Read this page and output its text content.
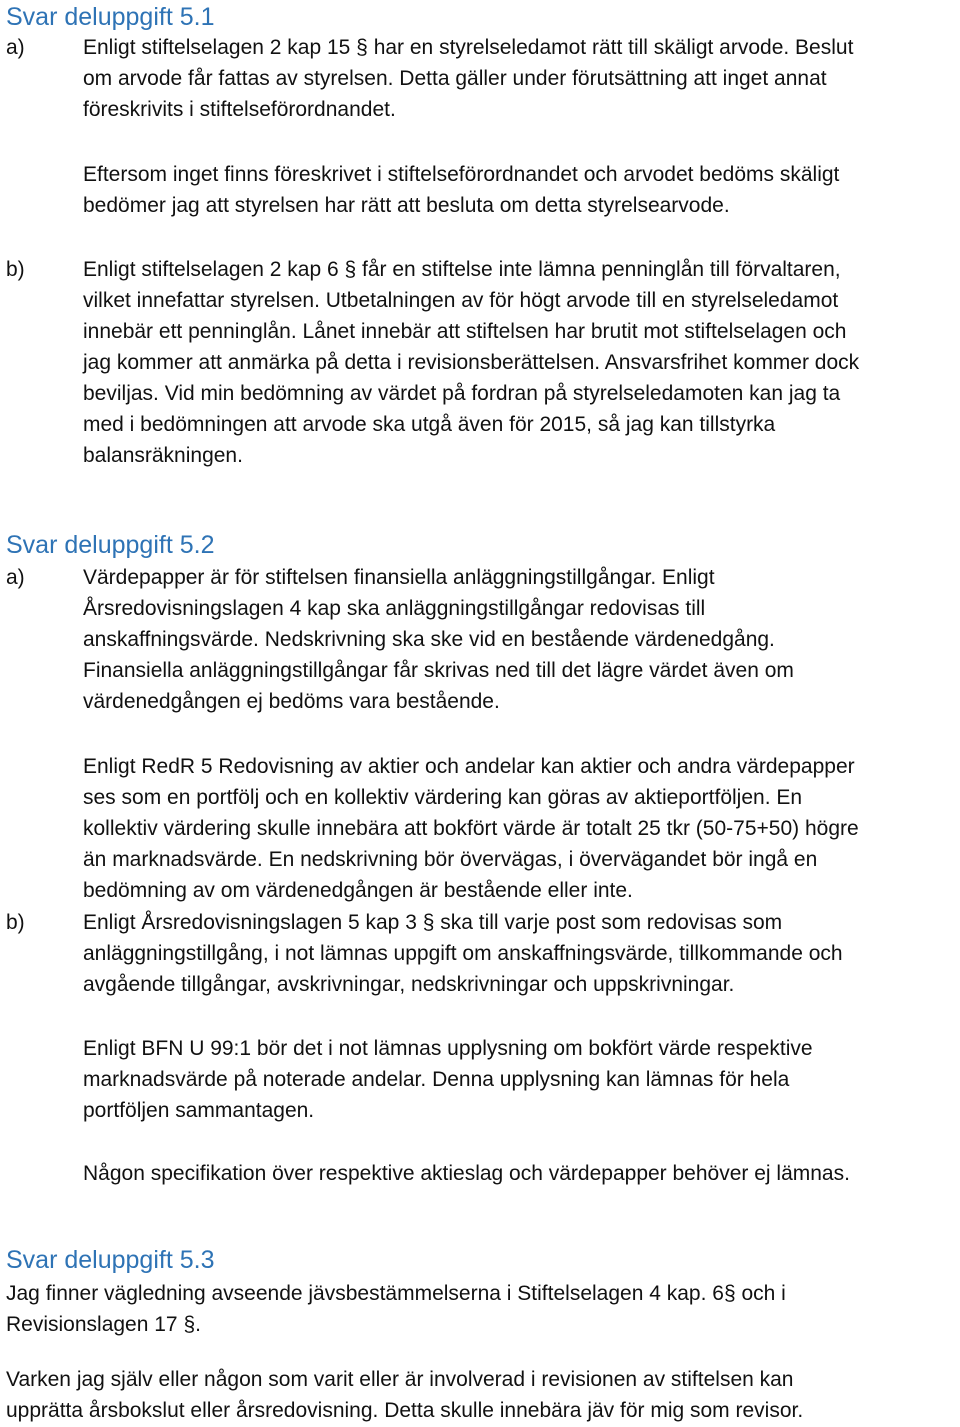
Svar deluppgift 5.1
a)	Enligt stiftelselagen 2 kap 15 § har en styrelseledamot rätt till skäligt arvode. Beslut
om arvode får fattas av styrelsen. Detta gäller under förutsättning att inget annat
föreskrivits i stiftelseförordnandet.

Eftersom inget finns föreskrivet i stiftelseförordnandet och arvodet bedöms skäligt
bedömer jag att styrelsen har rätt att besluta om detta styrelsearvode.

b)	Enligt stiftelselagen 2 kap 6 § får en stiftelse inte lämna penninglån till förvaltaren,
vilket innefattar styrelsen. Utbetalningen av för högt arvode till en styrelseledamot
innebär ett penninglån. Lånet innebär att stiftelsen har brutit mot stiftelselagen och
jag kommer att anmärka på detta i revisionsberättelsen. Ansvarsfrihet kommer dock
beviljas. Vid min bedömning av värdet på fordran på styrelseledamoten kan jag ta
med i bedömningen att arvode ska utgå även för 2015, så jag kan tillstyrka
balansräkningen.

Svar deluppgift 5.2
a)	Värdepapper är för stiftelsen finansiella anläggningstillgångar. Enligt
Årsredovisningslagen 4 kap ska anläggningstillgångar redovisas till
anskaffningsvärde. Nedskrivning ska ske vid en bestående värdenedgång.
Finansiella anläggningstillgångar får skrivas ned till det lägre värdet även om
värdenedgången ej bedöms vara bestående.

Enligt RedR 5 Redovisning av aktier och andelar kan aktier och andra värdepapper
ses som en portfölj och en kollektiv värdering kan göras av aktieportföljen. En
kollektiv värdering skulle innebära att bokfört värde är totalt 25 tkr (50-75+50) högre
än marknadsvärde. En nedskrivning bör övervägas, i övervägandet bör ingå en
bedömning av om värdenedgången är bestående eller inte.

b)	Enligt Årsredovisningslagen 5 kap 3 § ska till varje post som redovisas som
anläggningstillgång, i not lämnas uppgift om anskaffningsvärde, tillkommande och
avgående tillgångar, avskrivningar, nedskrivningar och uppskrivningar.

Enligt BFN U 99:1 bör det i not lämnas upplysning om bokfört värde respektive
marknadsvärde på noterade andelar. Denna upplysning kan lämnas för hela
portföljen sammantagen.

Någon specifikation över respektive aktieslag och värdepapper behöver ej lämnas.

Svar deluppgift 5.3

Jag finner vägledning avseende jävsbestämmelserna i Stiftelselagen 4 kap. 6§ och i
Revisionslagen 17 §.

Varken jag själv eller någon som varit eller är involverad i revisionen av stiftelsen kan
upprätta årsbokslut eller årsredovisning. Detta skulle innebära jäv för mig som revisor.
